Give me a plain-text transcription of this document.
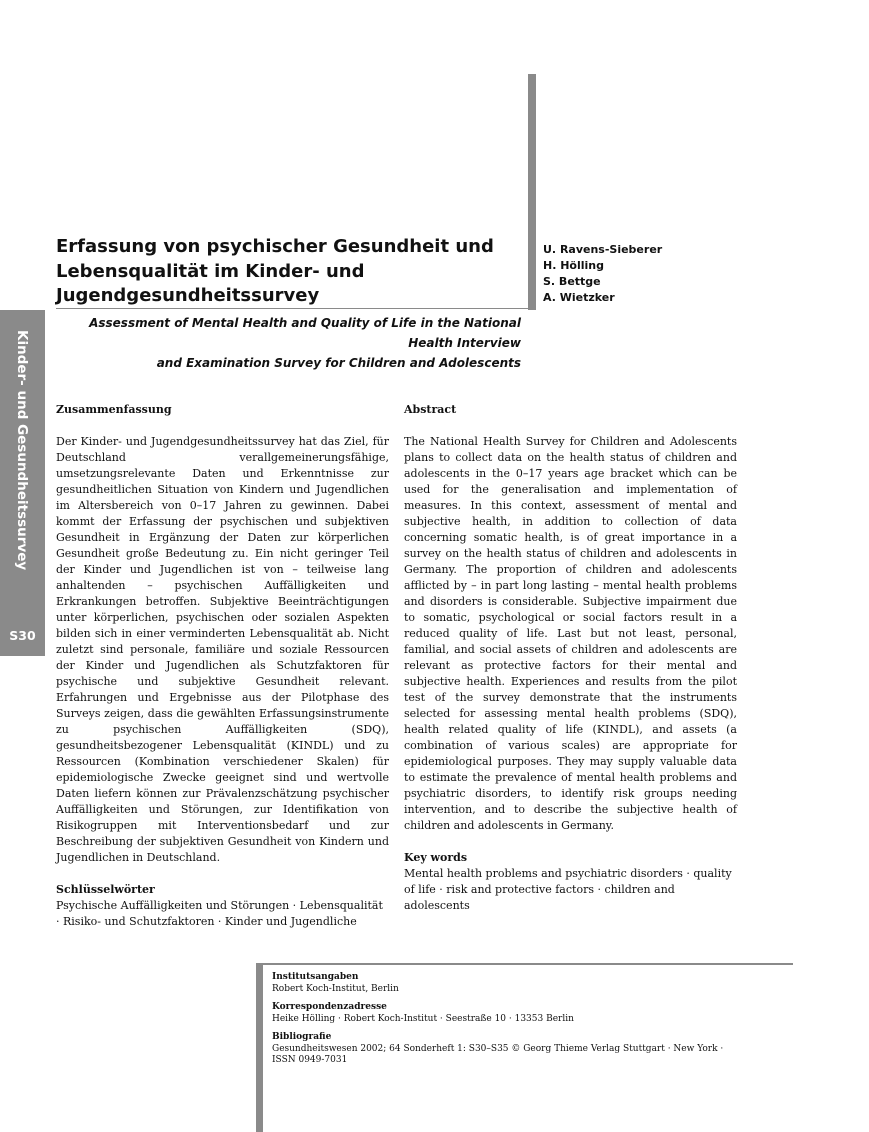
Kinder- und Gesundheitssurvey
S30
Erfassung von psychischer Gesundheit und Lebensqualität im Kinder- und Jugendgesundheitssurvey
U. Ravens-Sieberer
H. Hölling
S. Bettge
A. Wietzker
Assessment of Mental Health and Quality of Life in the National Health Interview
and Examination Survey for Children and Adolescents
Zusammenfassung

Der Kinder- und Jugendgesundheitssurvey hat das Ziel, für Deutschland verallgemeinerungsfähige, umsetzungsrelevante Daten und Erkenntnisse zur gesundheitlichen Situation von Kindern und Jugendlichen im Altersbereich von 0–17 Jahren zu gewinnen. Dabei kommt der Erfassung der psychischen und subjektiven Gesundheit in Ergänzung der Daten zur körperlichen Gesundheit große Bedeutung zu. Ein nicht geringer Teil der Kinder und Jugendlichen ist von – teilweise lang anhaltenden – psychischen Auffälligkeiten und Erkrankungen betroffen. Subjektive Beeinträchtigungen unter körperlichen, psychischen oder sozialen Aspekten bilden sich in einer verminderten Lebensqualität ab. Nicht zuletzt sind personale, familiäre und soziale Ressourcen der Kinder und Jugendlichen als Schutzfaktoren für psychische und subjektive Gesundheit relevant. Erfahrungen und Ergebnisse aus der Pilotphase des Surveys zeigen, dass die gewählten Erfassungsinstrumente zu psychischen Auffälligkeiten (SDQ), gesundheitsbezogener Lebensqualität (KINDL) und zu Ressourcen (Kombination verschiedener Skalen) für epidemiologische Zwecke geeignet sind und wertvolle Daten liefern können zur Prävalenzschätzung psychischer Auffälligkeiten und Störungen, zur Identifikation von Risikogruppen mit Interventionsbedarf und zur Beschreibung der subjektiven Gesundheit von Kindern und Jugendlichen in Deutschland.

Schlüsselwörter
Psychische Auffälligkeiten und Störungen · Lebensqualität · Risiko- und Schutzfaktoren · Kinder und Jugendliche
Abstract

The National Health Survey for Children and Adolescents plans to collect data on the health status of children and adolescents in the 0–17 years age bracket which can be used for the generalisation and implementation of measures. In this context, assessment of mental and subjective health, in addition to collection of data concerning somatic health, is of great importance in a survey on the health status of children and adolescents in Germany. The proportion of children and adolescents afflicted by – in part long lasting – mental health problems and disorders is considerable. Subjective impairment due to somatic, psychological or social factors result in a reduced quality of life. Last but not least, personal, familial, and social assets of children and adolescents are relevant as protective factors for their mental and subjective health. Experiences and results from the pilot test of the survey demonstrate that the instruments selected for assessing mental health problems (SDQ), health related quality of life (KINDL), and assets (a combination of various scales) are appropriate for epidemiological purposes. They may supply valuable data to estimate the prevalence of mental health problems and psychiatric disorders, to identify risk groups needing intervention, and to describe the subjective health of children and adolescents in Germany.

Key words
Mental health problems and psychiatric disorders · quality of life · risk and protective factors · children and adolescents
Institutsangaben
Robert Koch-Institut, Berlin
Korrespondenzadresse
Heike Hölling · Robert Koch-Institut · Seestraße 10 · 13353 Berlin
Bibliografie
Gesundheitswesen 2002; 64 Sonderheft 1: S30–S35 © Georg Thieme Verlag Stuttgart · New York ·
ISSN 0949-7031
